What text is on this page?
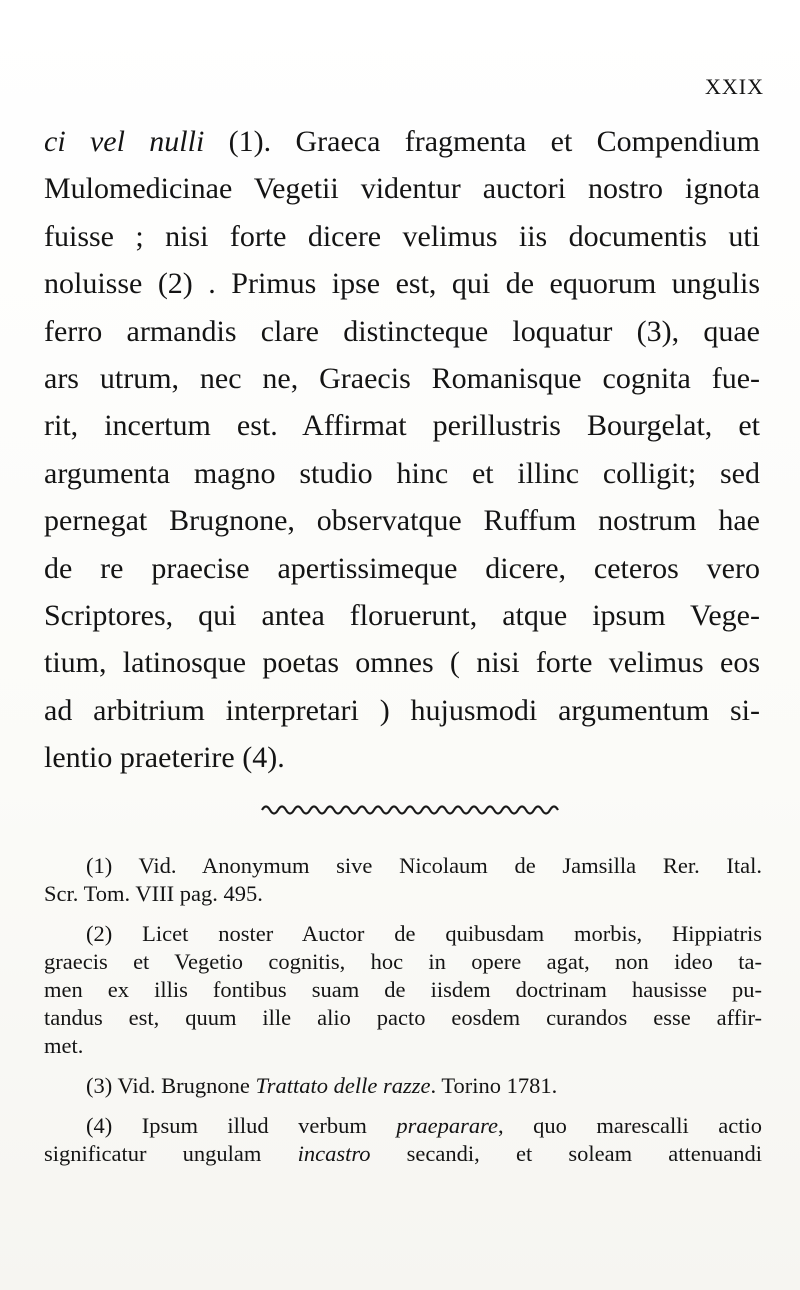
XXIX
ci vel nulli (1). Graeca fragmenta et Compendium
Mulomedicinae Vegetii videntur auctori nostro ignota
fuisse ; nisi forte dicere velimus iis documentis uti
noluisse (2) . Primus ipse est, qui de equorum ungulis
ferro armandis clare distincteque loquatur (3), quae
ars utrum, nec ne, Graecis Romanisque cognita fue-
rit, incertum est. Affirmat perillustris Bourgelat, et
argumenta magno studio hinc et illinc colligit; sed
pernegat Brugnone, observatque Ruffum nostrum hae
de re praecise apertissimeque dicere, ceteros vero
Scriptores, qui antea floruerunt, atque ipsum Vege-
tium, latinosque poetas omnes ( nisi forte velimus eos
ad arbitrium interpretari ) hujusmodi argumentum si-
lentio praeterire (4).
(1) Vid. Anonymum sive Nicolaum de Jamsilla Rer. Ital.
Scr. Tom. VIII pag. 495.
(2) Licet noster Auctor de quibusdam morbis, Hippiatris
graecis et Vegetio cognitis, hoc in opere agat, non ideo ta-
men ex illis fontibus suam de iisdem doctrinam hausisse pu-
tandus est, quum ille alio pacto eosdem curandos esse affir-
met.
(3) Vid. Brugnone Trattato delle razze. Torino 1781.
(4) Ipsum illud verbum praeparare, quo marescalli actio
significatur ungulam incastro secandi, et soleam attenuandi
